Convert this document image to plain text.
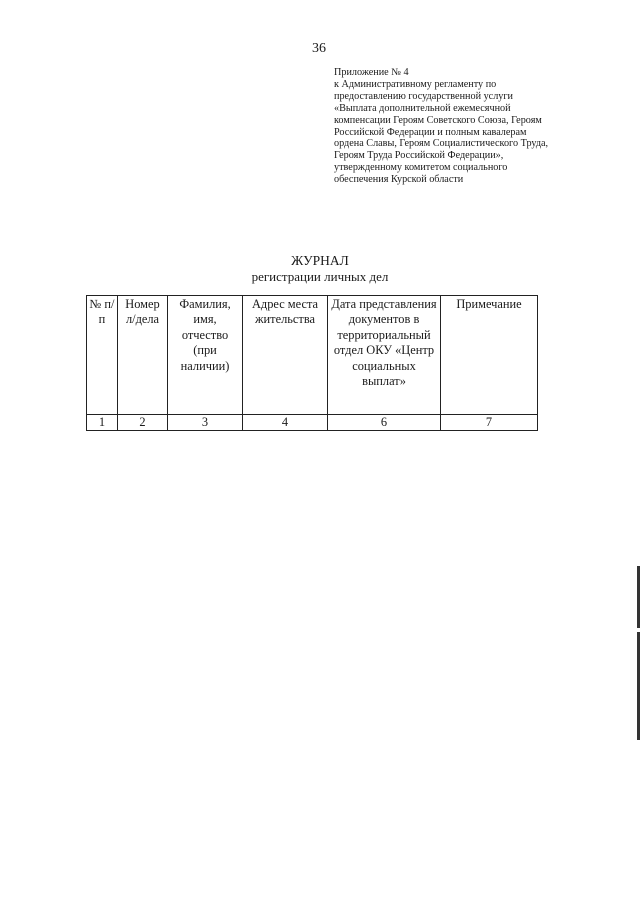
36
Приложение № 4
к Административному регламенту по
предоставлению государственной услуги
«Выплата дополнительной ежемесячной
компенсации Героям Советского Союза, Героям
Российской Федерации и полным кавалерам
ордена Славы, Героям Социалистического Труда,
Героям Труда Российской Федерации»,
утвержденному комитетом социального
обеспечения Курской области
ЖУРНАЛ
регистрации личных дел
№ п/п	Номер л/дела	Фамилия, имя, отчество (при наличии)	Адрес места жительства	Дата представления документов в территориальный отдел ОКУ «Центр социальных выплат»	Примечание
1	2	3	4	6	7
